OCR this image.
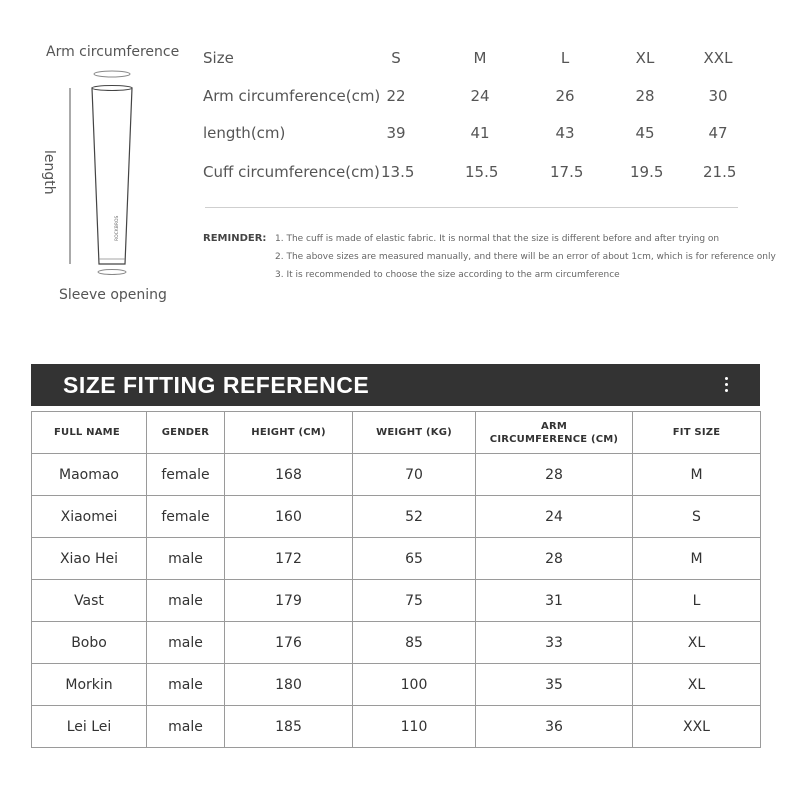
Arm circumference
ROCKBROS
length
Sleeve opening
Size	S	M	L	XL	XXL
Arm circumference(cm) 22	24	26	28	30
length(cm)	39	41	43	45	47
Cuff circumference(cm) 13.5	15.5	17.5	19.5	21.5
REMINDER: 1. The cuff is made of elastic fabric. It is normal that the size is different before and after trying on
2. The above sizes are measured manually, and there will be an error of about 1cm, which is for reference only
3. It is recommended to choose the size according to the arm circumference
SIZE FITTING REFERENCE
FULL NAME	GENDER	HEIGHT (CM)	WEIGHT (KG)	ARM
CIRCUMFERENCE (CM)	FIT SIZE
Maomao	female	168	70	28	M
Xiaomei	female	160	52	24	S
Xiao Hei	male	172	65	28	M
Vast	male	179	75	31	L
Bobo	male	176	85	33	XL
Morkin	male	180	100	35	XL
Lei Lei	male	185	110	36	XXL
